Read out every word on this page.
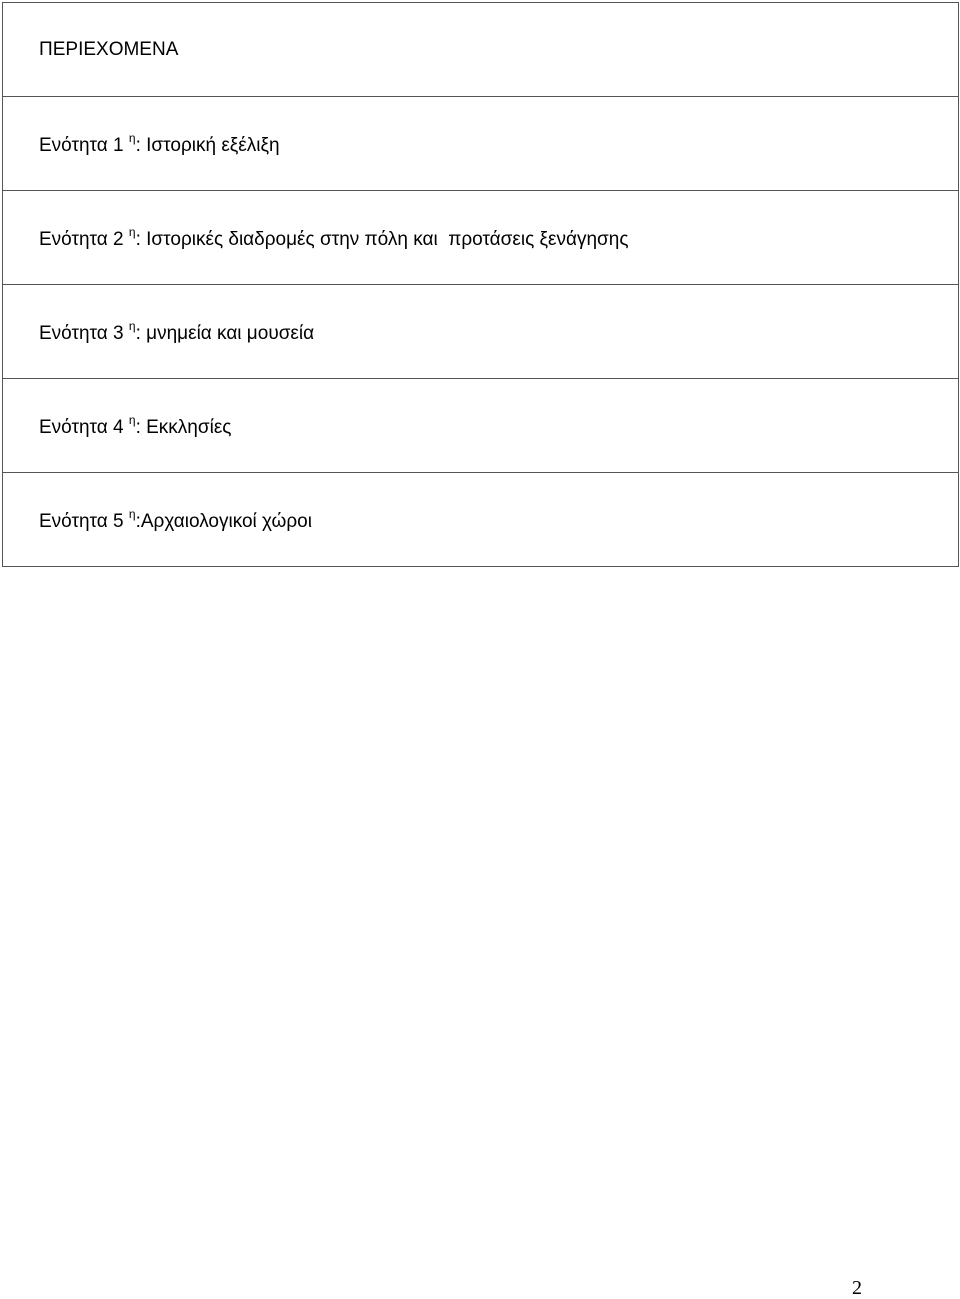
ΠΕΡΙΕΧΟΜΕΝΑ
Ενότητα 1 $^\eta$: Ιστορική εξέλιξη
Ενότητα 2 $^\eta$: Ιστορικές διαδρομές στην πόλη και  προτάσεις ξενάγησης
Ενότητα 3 $^\eta$: μνημεία και μουσεία
Ενότητα 4 $^\eta$: Εκκλησίες
Ενότητα 5 $^\eta$:Αρχαιολογικοί χώροι
2
